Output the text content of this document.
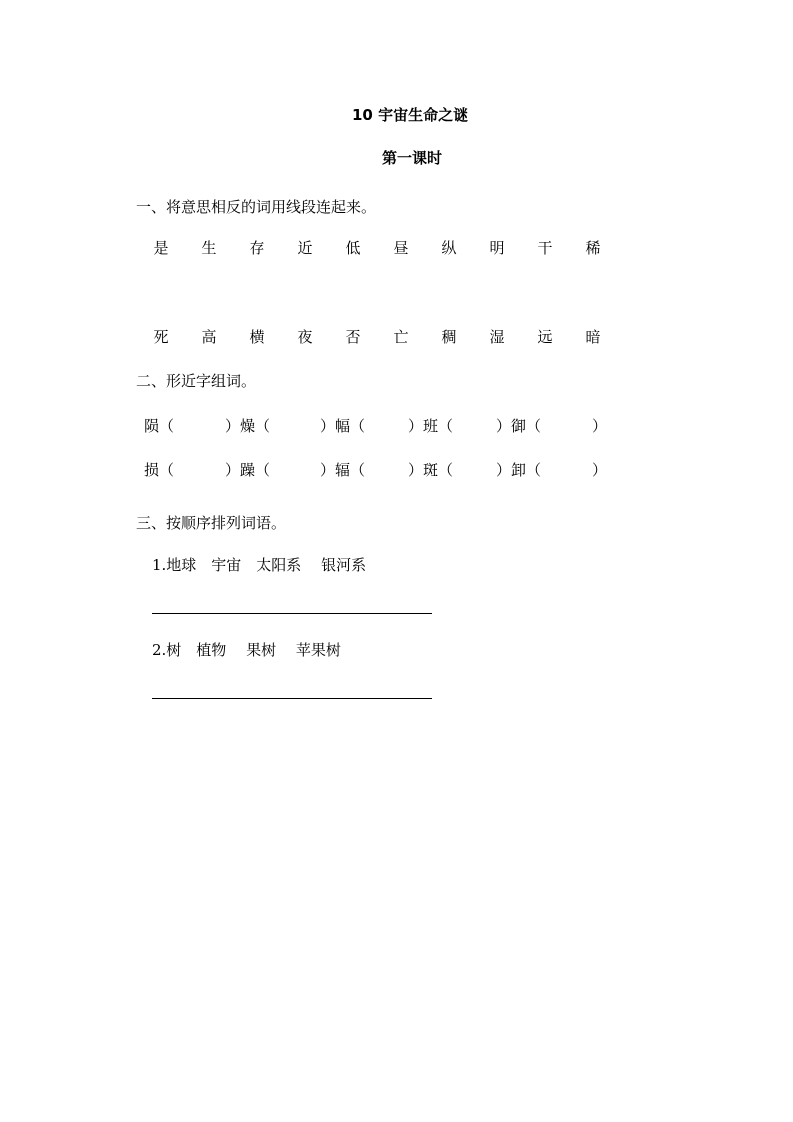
10 宇宙生命之谜
第一课时
一、将意思相反的词用线段连起来。
是 生 存 近 低 昼 纵 明 干 稀
死 高 横 夜 否 亡 稠 湿 远 暗
二、形近字组词。
陨（	）燥（	）幅（	）班（	）御（	）
损（	）躁（	）辐（	）斑（	）卸（	）
三、按顺序排列词语。
1.地球　宇宙　太阳系　 银河系
2.树　植物　 果树　 苹果树
